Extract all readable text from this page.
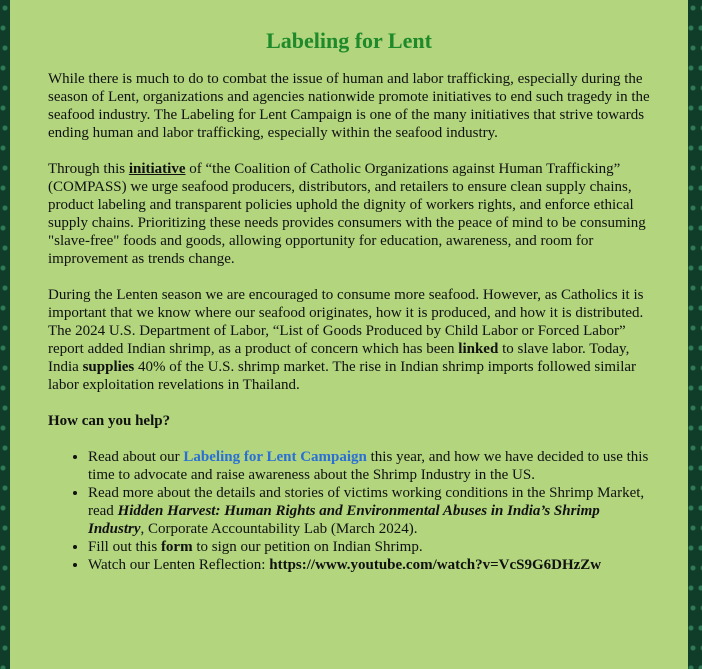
Labeling for Lent

While there is much to do to combat the issue of human and labor trafficking, especially during the season of Lent, organizations and agencies nationwide promote initiatives to end such tragedy in the seafood industry. The Labeling for Lent Campaign is one of the many initiatives that strive towards ending human and labor trafficking, especially within the seafood industry.

Through this initiative of “the Coalition of Catholic Organizations against Human Trafficking” (COMPASS) we urge seafood producers, distributors, and retailers to ensure clean supply chains, product labeling and transparent policies uphold the dignity of workers rights, and enforce ethical supply chains. Prioritizing these needs provides consumers with the peace of mind to be consuming "slave-free" foods and goods, allowing opportunity for education, awareness, and room for improvement as trends change.

During the Lenten season we are encouraged to consume more seafood. However, as Catholics it is important that we know where our seafood originates, how it is produced, and how it is distributed. The 2024 U.S. Department of Labor, “List of Goods Produced by Child Labor or Forced Labor” report added Indian shrimp, as a product of concern which has been linked to slave labor. Today, India supplies 40% of the U.S. shrimp market. The rise in Indian shrimp imports followed similar labor exploitation revelations in Thailand.

How can you help?
• Read about our Labeling for Lent Campaign this year, and how we have decided to use this time to advocate and raise awareness about the Shrimp Industry in the US.
• Read more about the details and stories of victims working conditions in the Shrimp Market, read Hidden Harvest: Human Rights and Environmental Abuses in India’s Shrimp Industry, Corporate Accountability Lab (March 2024).
• Fill out this form to sign our petition on Indian Shrimp.
• Watch our Lenten Reflection: https://www.youtube.com/watch?v=VcS9G6DHzZw
